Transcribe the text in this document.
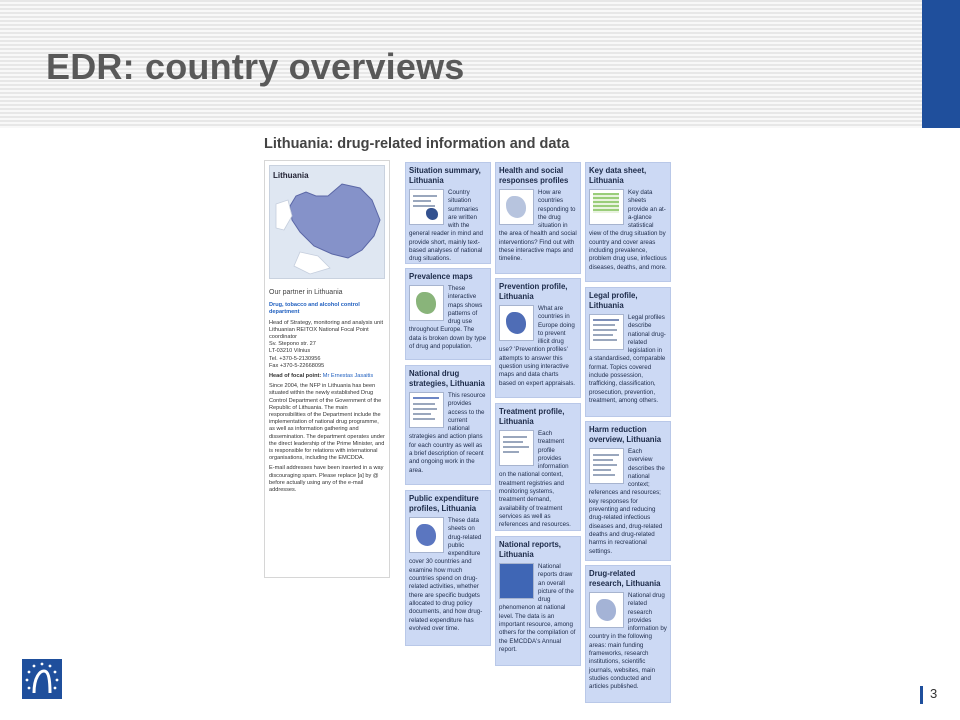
EDR: country overviews
Lithuania: drug-related information and data
Lithuania
Our partner in Lithuania

Drug, tobacco and alcohol control department

Head of Strategy, monitoring and analysis unit
Lithuanian REITOX National Focal Point coordinator
Sv. Stepono str. 27
LT-03210 Vilnius
Tel. +370-5-2130956
Fax +370-5-22668095

Head of focal point: Mr Ernestas Jasaitis

Since 2004, the NFP in Lithuania has been situated within the newly established Drug Control Department of the Government of the Republic of Lithuania. The main responsibilities of the Department include the implementation of national drug programme, as well as information gathering and dissemination. The department operates under the direct leadership of the Prime Minister, and is responsible for relations with international organisations, including the EMCDDA.

E-mail addresses have been inserted in a way discouraging spam. Please replace [a] by @ before actually using any of the e-mail addresses.

Situation summary, Lithuania
Country situation summaries are written with the general reader in mind and provide short, mainly text-based analyses of national drug situations.
Prevalence maps
These interactive maps shows patterns of drug use throughout Europe. The data is broken down by type of drug and population.
National drug strategies, Lithuania
This resource provides access to the current national strategies and action plans for each country as well as a brief description of recent and ongoing work in the area.
Public expenditure profiles, Lithuania
These data sheets on drug-related public expenditure cover 30 countries and examine how much countries spend on drug-related activities, whether there are specific budgets allocated to drug policy documents, and how drug-related expenditure has evolved over time.
Health and social responses profiles
How are countries responding to the drug situation in the area of health and social interventions? Find out with these interactive maps and timeline.
Prevention profile, Lithuania
What are countries in Europe doing to prevent illicit drug use? 'Prevention profiles' attempts to answer this question using interactive maps and data charts based on expert appraisals.
Treatment profile, Lithuania
Each treatment profile provides information on the national context, treatment registries and monitoring systems, treatment demand, availability of treatment services as well as references and resources.
National reports, Lithuania
National reports draw an overall picture of the drug phenomenon at national level. The data is an important resource, among others for the compilation of the EMCDDA's Annual report.
Key data sheet, Lithuania
Key data sheets provide an at-a-glance statistical view of the drug situation by country and cover areas including prevalence, problem drug use, infectious diseases, deaths, and more.
Legal profile, Lithuania
Legal profiles describe national drug-related legislation in a standardised, comparable format. Topics covered include possession, trafficking, classification, prosecution, prevention, treatment, among others.
Harm reduction overview, Lithuania
Each overview describes the national context; references and resources; key responses for preventing and reducing drug-related infectious diseases and, drug-related deaths and drug-related harms in recreational settings.
Drug-related research, Lithuania
National drug related research provides information by country in the following areas: main funding frameworks, research institutions, scientific journals, websites, main studies conducted and articles published.	3
